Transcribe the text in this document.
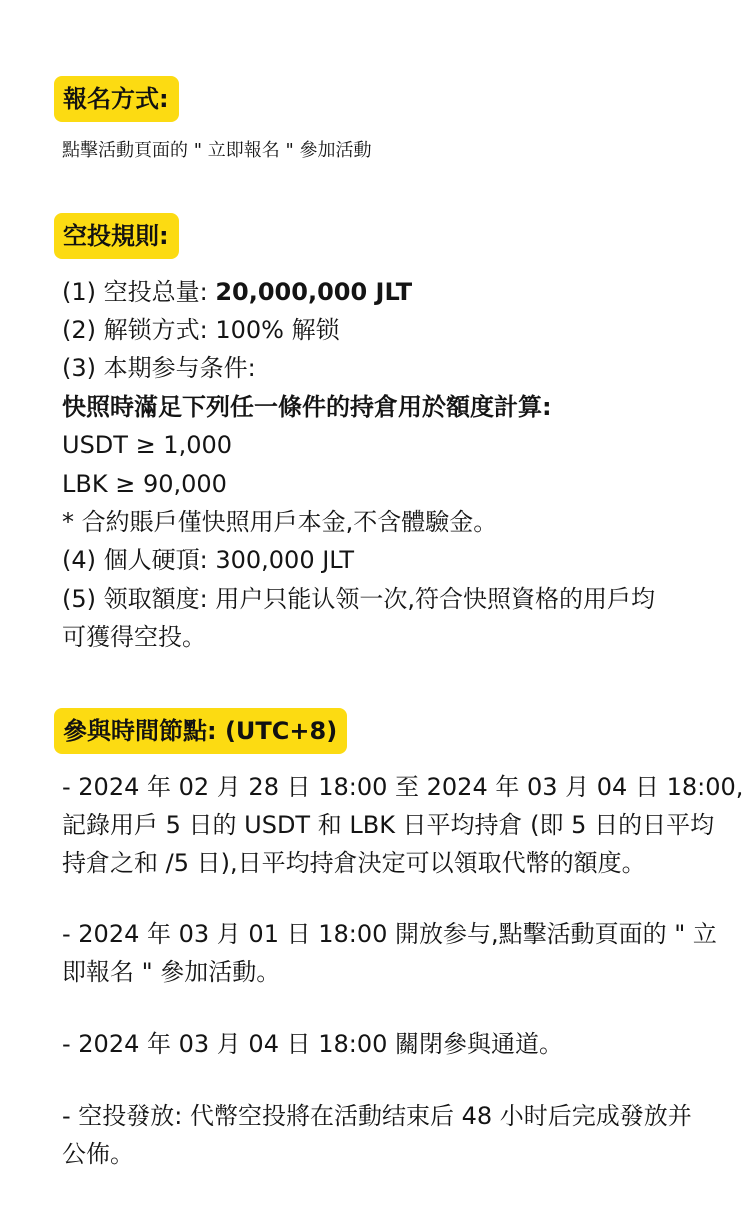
報名方式:
點擊活動頁面的 " 立即報名 " 參加活動
空投規則:
(1) 空投总量: 20,000,000 JLT
(2) 解锁方式: 100% 解锁
(3) 本期参与条件:
快照時滿足下列任一條件的持倉用於額度計算:
USDT ≥ 1,000
LBK ≥ 90,000
* 合約賬戶僅快照用戶本金,不含體驗金。
(4) 個人硬頂: 300,000 JLT
(5) 领取額度: 用户只能认领一次,符合快照資格的用戶均
可獲得空投。
參與時間節點: (UTC+8)
- 2024 年 02 月 28 日 18:00 至 2024 年 03 月 04 日 18:00,
記錄用戶 5 日的 USDT 和 LBK 日平均持倉 (即 5 日的日平均
持倉之和 /5 日),日平均持倉決定可以領取代幣的額度。
- 2024 年 03 月 01 日 18:00 開放参与,點擊活動頁面的 " 立
即報名 " 參加活動。
- 2024 年 03 月 04 日 18:00 關閉參與通道。
- 空投發放: 代幣空投將在活動结束后 48 小时后完成發放并
公佈。
